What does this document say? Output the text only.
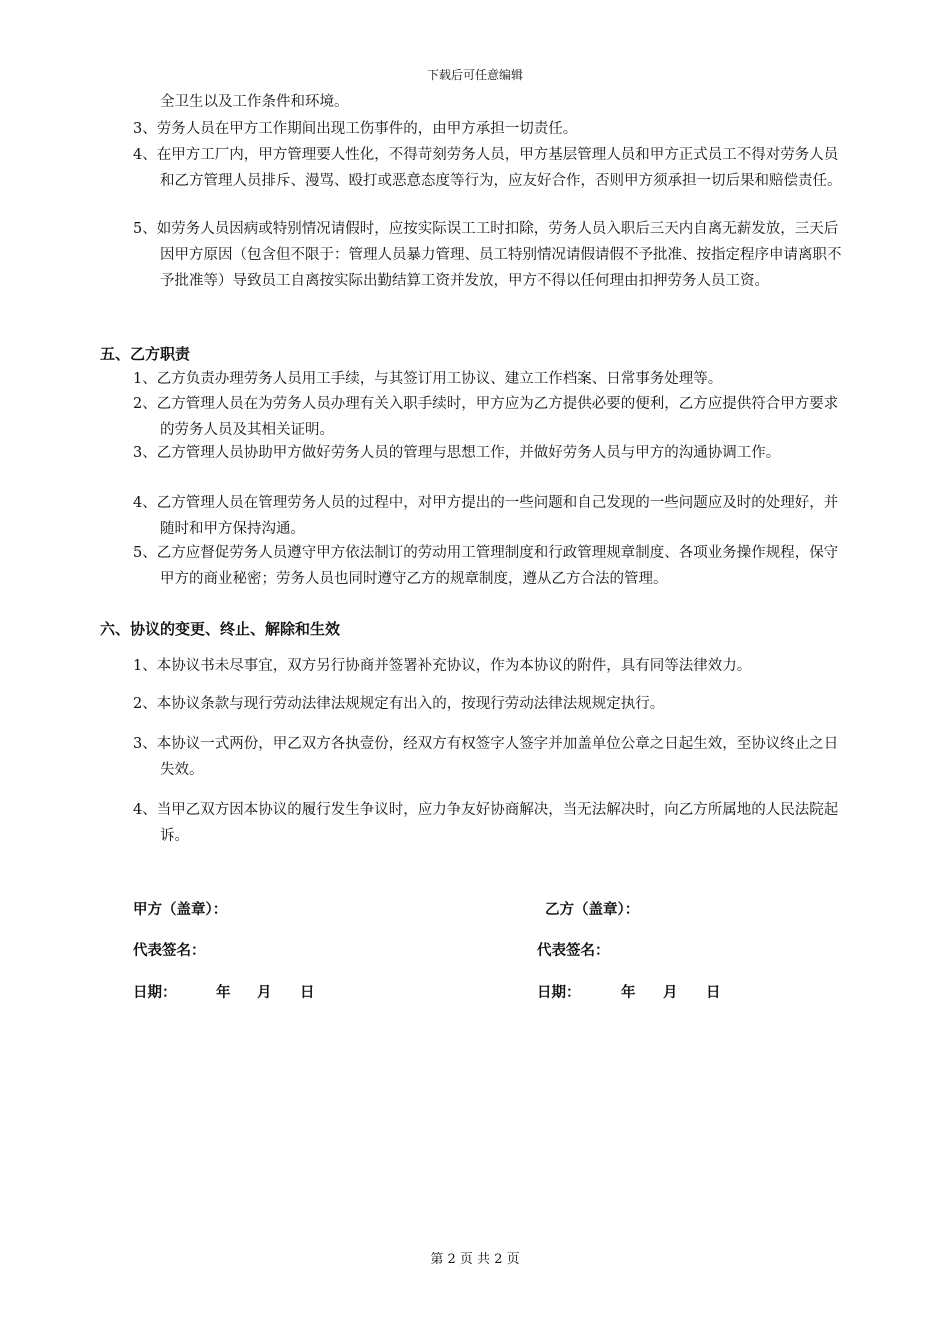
下载后可任意编辑
全卫生以及工作条件和环境。
3、劳务人员在甲方工作期间出现工伤事件的，由甲方承担一切责任。
4、在甲方工厂内，甲方管理要人性化，不得苛刻劳务人员，甲方基层管理人员和甲方正式员工不得对劳务人员和乙方管理人员排斥、漫骂、殴打或恶意态度等行为，应友好合作，否则甲方须承担一切后果和赔偿责任。
5、如劳务人员因病或特别情况请假时，应按实际误工工时扣除，劳务人员入职后三天内自离无薪发放，三天后因甲方原因（包含但不限于：管理人员暴力管理、员工特别情况请假请假不予批准、按指定程序申请离职不予批准等）导致员工自离按实际出勤结算工资并发放，甲方不得以任何理由扣押劳务人员工资。
五、乙方职责
1、乙方负责办理劳务人员用工手续，与其签订用工协议、建立工作档案、日常事务处理等。
2、乙方管理人员在为劳务人员办理有关入职手续时，甲方应为乙方提供必要的便利，乙方应提供符合甲方要求的劳务人员及其相关证明。
3、乙方管理人员协助甲方做好劳务人员的管理与思想工作，并做好劳务人员与甲方的沟通协调工作。
4、乙方管理人员在管理劳务人员的过程中，对甲方提出的一些问题和自己发现的一些问题应及时的处理好，并随时和甲方保持沟通。
5、乙方应督促劳务人员遵守甲方依法制订的劳动用工管理制度和行政管理规章制度、各项业务操作规程，保守甲方的商业秘密；劳务人员也同时遵守乙方的规章制度，遵从乙方合法的管理。
六、协议的变更、终止、解除和生效
1、本协议书未尽事宜，双方另行协商并签署补充协议，作为本协议的附件，具有同等法律效力。
2、本协议条款与现行劳动法律法规规定有出入的，按现行劳动法律法规规定执行。
3、本协议一式两份，甲乙双方各执壹份，经双方有权签字人签字并加盖单位公章之日起生效，至协议终止之日失效。
4、当甲乙双方因本协议的履行发生争议时，应力争友好协商解决，当无法解决时，向乙方所属地的人民法院起诉。
甲方（盖章）：	乙方（盖章）：
代表签名：	代表签名：
日期：	年 月 日	日期：	年 月 日
第 2 页 共 2 页
